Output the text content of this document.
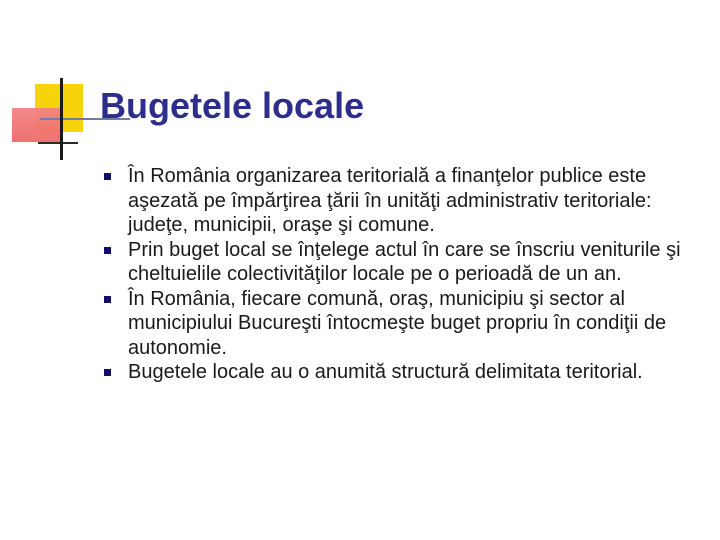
Bugetele locale
În România organizarea teritorială a finanţelor publice este aşezată pe împărţirea ţării în unităţi administrativ teritoriale: judeţe, municipii, oraşe şi comune.
Prin buget local se înţelege actul în care se înscriu veniturile şi cheltuielile colectivităţilor locale pe o perioadă de un an.
În România, fiecare comună, oraş, municipiu şi sector al municipiului Bucureşti întocmeşte buget propriu în condiţii de autonomie.
Bugetele locale au o anumită structură delimitata teritorial.
